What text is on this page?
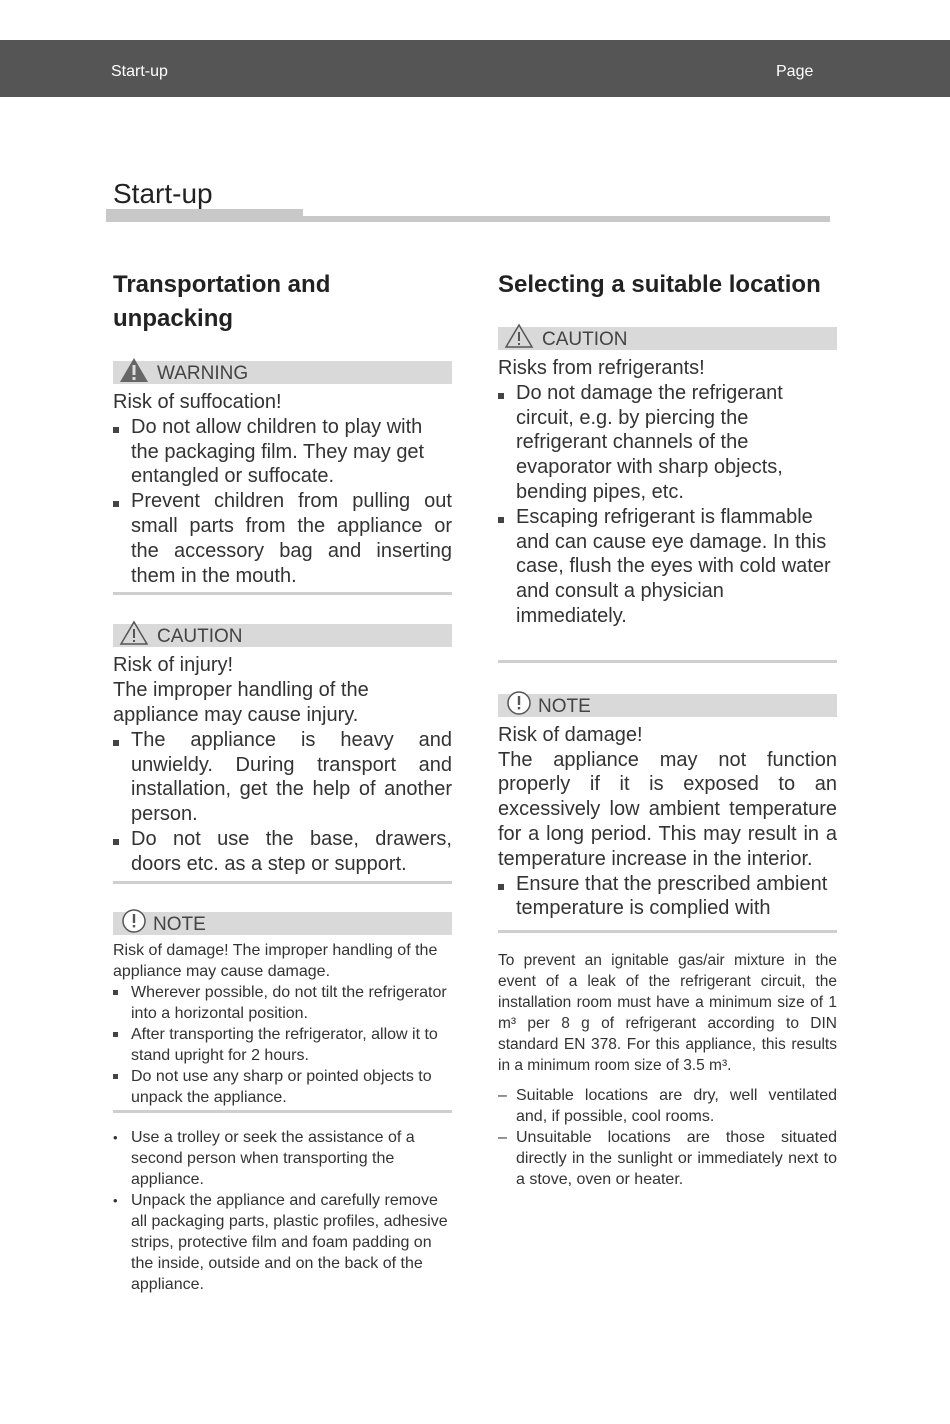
Start-up	Page
Start-up
Transportation and unpacking
WARNING

Risk of suffocation!

Do not allow children to play with the packaging film. They may get entangled or suffocate.
Prevent children from pulling out small parts from the appliance or the accessory bag and inserting them in the mouth.
CAUTION

Risk of injury!

The improper handling of the appliance may cause injury.

The appliance is heavy and unwieldy. During transport and installation, get the help of another person.
Do not use the base, drawers, doors etc. as a step or support.
NOTE

Risk of damage! The improper handling of the appliance may cause damage.

Wherever possible, do not tilt the refrigerator into a horizontal position.
After transporting the refrigerator, allow it to stand upright for 2 hours.
Do not use any sharp or pointed objects to unpack the appliance.
• Use a trolley or seek the assistance of a second person when transporting the appliance.
• Unpack the appliance and carefully remove all packaging parts, plastic profiles, adhesive strips, protective film and foam padding on the inside, outside and on the back of the appliance.
Selecting a suitable location
CAUTION

Risks from refrigerants!

Do not damage the refrigerant circuit, e.g. by piercing the refrigerant channels of the evaporator with sharp objects, bending pipes, etc.
Escaping refrigerant is flammable and can cause eye damage. In this case, flush the eyes with cold water and consult a physician immediately.
NOTE

Risk of damage!

The appliance may not function properly if it is exposed to an excessively low ambient temperature for a long period. This may result in a temperature increase in the interior.

Ensure that the prescribed ambient temperature is complied with

To prevent an ignitable gas/air mixture in the event of a leak of the refrigerant circuit, the installation room must have a minimum size of 1 m³ per 8 g of refrigerant according to DIN standard EN 378. For this appliance, this results in a minimum room size of 3.5 m³.

– Suitable locations are dry, well ventilated and, if possible, cool rooms.
– Unsuitable locations are those situated directly in the sunlight or immediately next to a stove, oven or heater.
